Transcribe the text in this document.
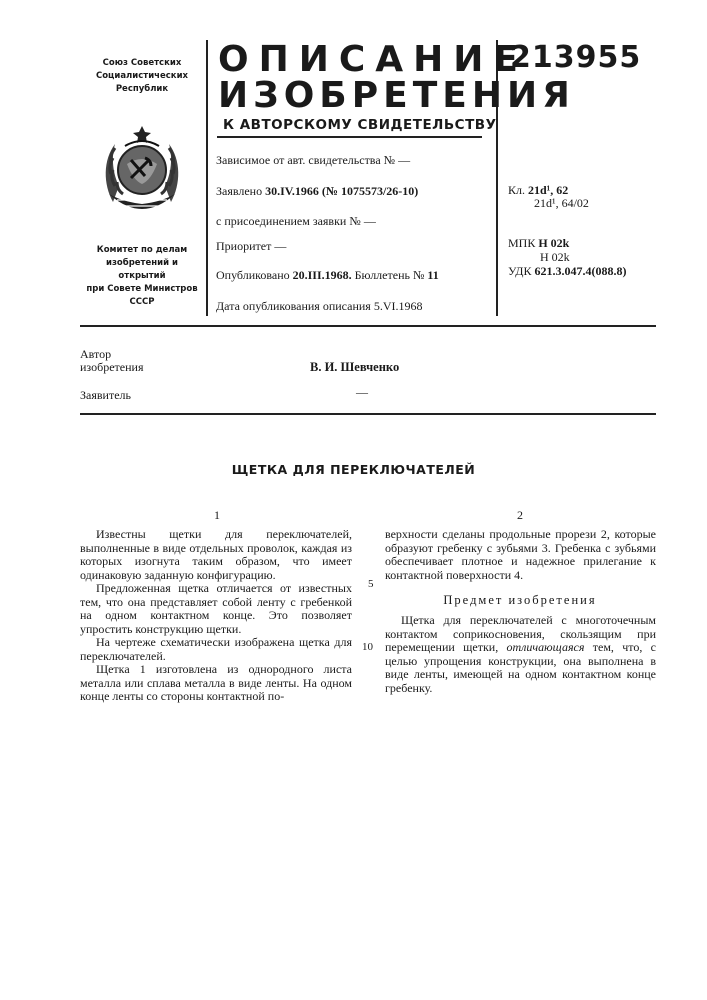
Союз Советских
Социалистических
Республик
Комитет по делам
изобретений и открытий
при Совете Министров
СССР
ОПИСАНИЕ
ИЗОБРЕТЕНИЯ
К АВТОРСКОМУ СВИДЕТЕЛЬСТВУ
213955
Зависимое от авт. свидетельства № —
Заявлено 30.IV.1966 (№ 1075573/26-10)
с присоединением заявки № —
Приоритет —
Опубликовано 20.III.1968. Бюллетень № 11
Дата опубликования описания 5.VI.1968
Кл. 21d¹, 62
21d¹, 64/02
МПК H 02k
H 02k
УДК 621.3.047.4(088.8)
Автор
изобретения	В. И. Шевченко
Заявитель	—
ЩЕТКА ДЛЯ ПЕРЕКЛЮЧАТЕЛЕЙ
1	2

Известны щетки для переключателей, выполненные в виде отдельных проволок, каждая из которых изогнута таким образом, что имеет одинаковую заданную конфигурацию.

Предложенная щетка отличается от известных тем, что она представляет собой ленту с гребенкой на одном контактном конце. Это позволяет упростить конструкцию щетки.

На чертеже схематически изображена щетка для переключателей.

Щетка 1 изготовлена из однородного листа металла или сплава металла в виде ленты. На одном конце ленты со стороны контактной по-

5
10

верхности сделаны продольные прорези 2, которые образуют гребенку с зубьями 3. Гребенка с зубьями обеспечивает плотное и надежное прилегание к контактной поверхности 4.

Предмет изобретения

Щетка для переключателей с многоточечным контактом соприкосновения, скользящим при перемещении щетки, отличающаяся тем, что, с целью упрощения конструкции, она выполнена в виде ленты, имеющей на одном контактном конце гребенку.
